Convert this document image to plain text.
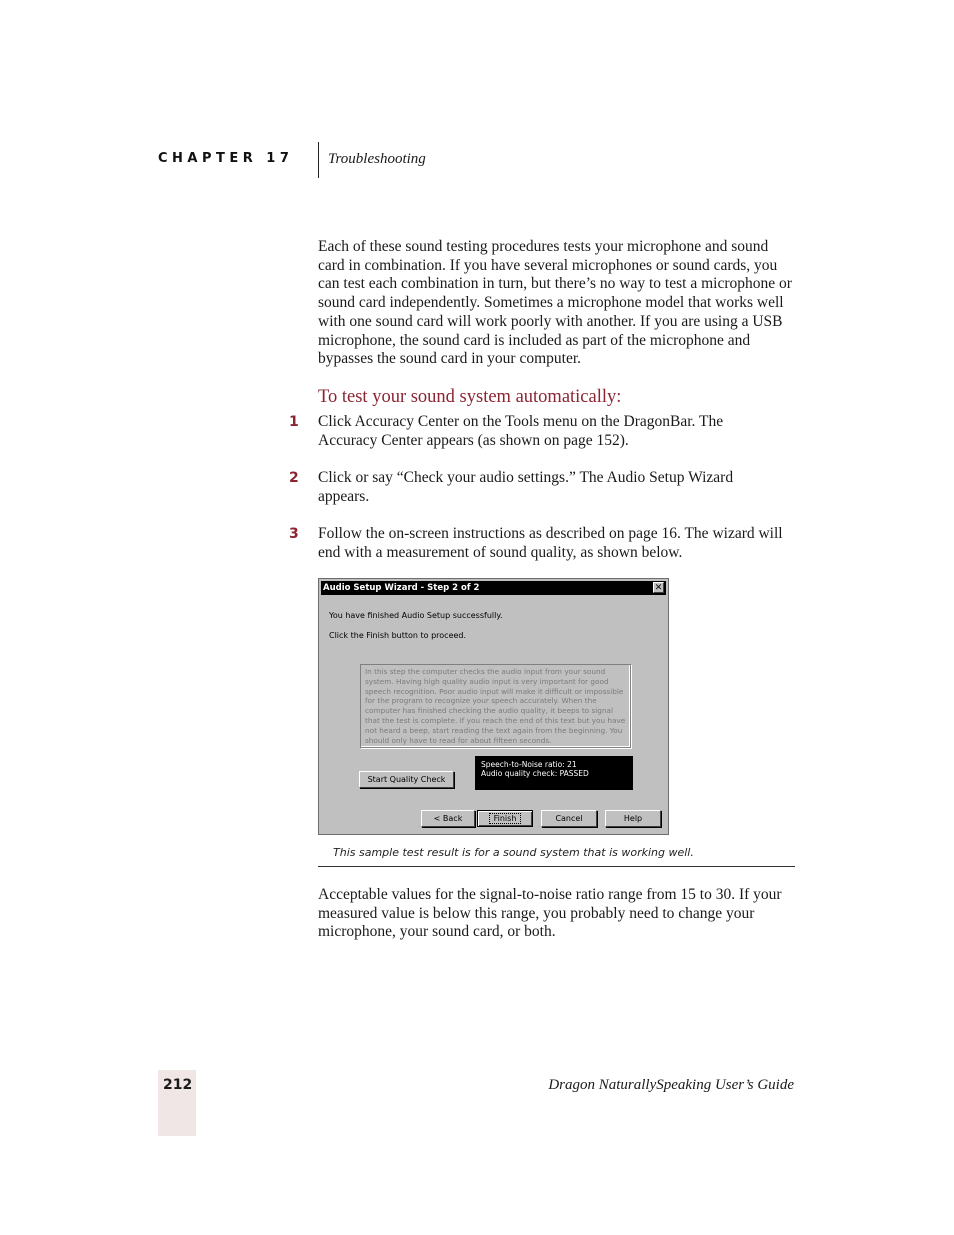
CHAPTER 17 Troubleshooting

Each of these sound testing procedures tests your microphone and sound card in combination. If you have several microphones or sound cards, you can test each combination in turn, but there’s no way to test a microphone or sound card independently. Sometimes a microphone model that works well with one sound card will work poorly with another. If you are using a USB microphone, the sound card is included as part of the microphone and bypasses the sound card in your computer.

To test your sound system automatically:
1 Click Accuracy Center on the Tools menu on the DragonBar. The Accuracy Center appears (as shown on page 152).

2 Click or say “Check your audio settings.” The Audio Setup Wizard appears.

3 Follow the on-screen instructions as described on page 16. The wizard will end with a measurement of sound quality, as shown below.

Audio Setup Wizard - Step 2 of 2	✕
You have finished Audio Setup successfully.
Click the Finish button to proceed.
In this step the computer checks the audio input from your sound system. Having high quality audio input is very important for good speech recognition. Poor audio input will make it difficult or impossible for the program to recognize your speech accurately. When the computer has finished checking the audio quality, it beeps to signal that the test is complete. If you reach the end of this text but you have not heard a beep, start reading the text again from the beginning. You should only have to read for about fifteen seconds.
Start Quality Check
Speech-to-Noise ratio: 21
Audio quality check: PASSED
< Back	Finish	Cancel	Help
This sample test result is for a sound system that is working well.

Acceptable values for the signal-to-noise ratio range from 15 to 30. If your measured value is below this range, you probably need to change your microphone, your sound card, or both.

212	Dragon NaturallySpeaking User’s Guide
